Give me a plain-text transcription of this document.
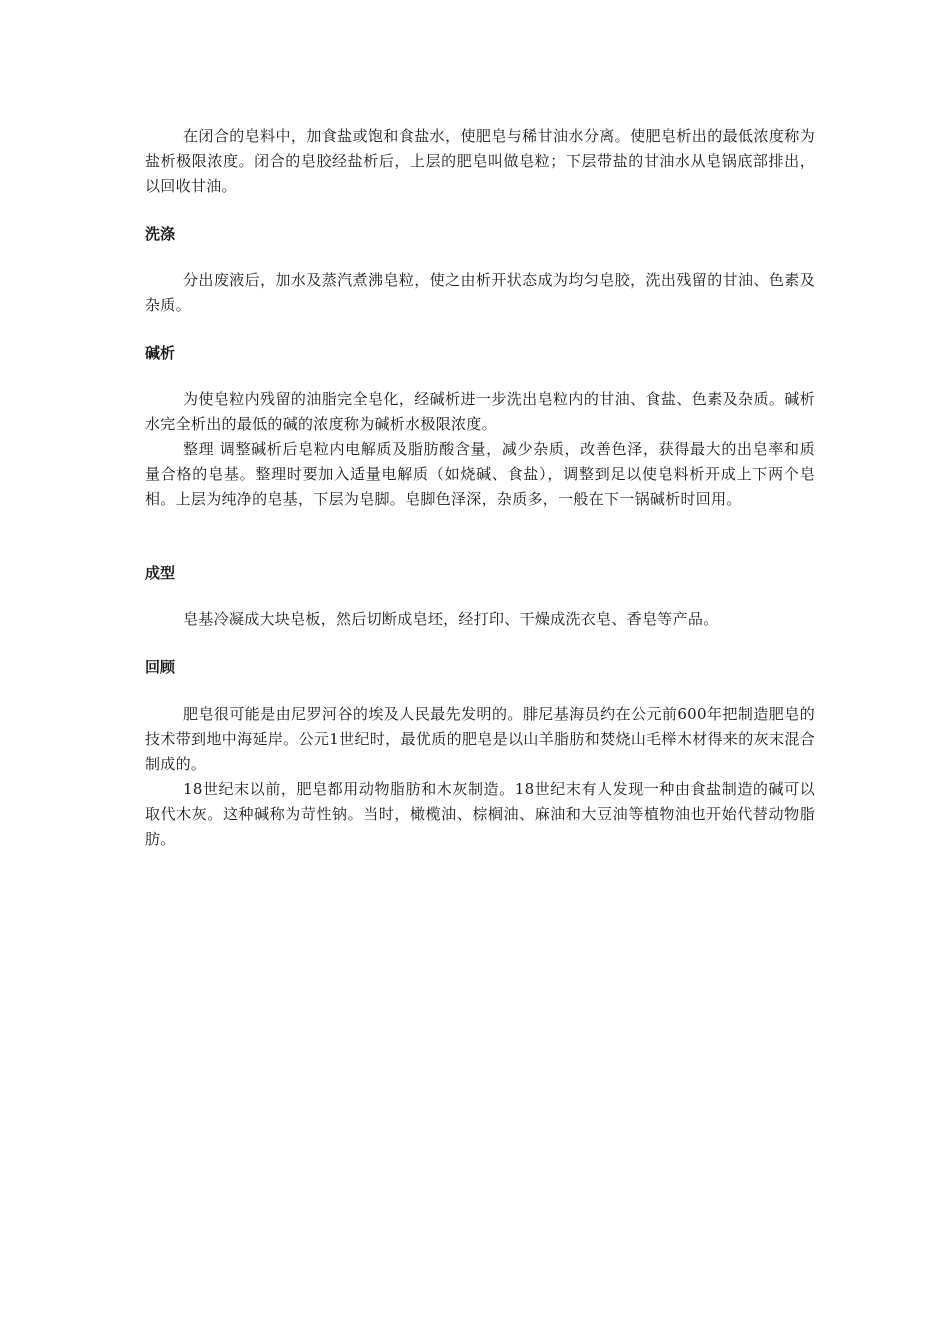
在闭合的皂料中，加食盐或饱和食盐水，使肥皂与稀甘油水分离。使肥皂析出的最低浓度称为盐析极限浓度。闭合的皂胶经盐析后，上层的肥皂叫做皂粒；下层带盐的甘油水从皂锅底部排出，以回收甘油。

洗涤

分出废液后，加水及蒸汽煮沸皂粒，使之由析开状态成为均匀皂胶，洗出残留的甘油、色素及杂质。

碱析

为使皂粒内残留的油脂完全皂化，经碱析进一步洗出皂粒内的甘油、食盐、色素及杂质。碱析水完全析出的最低的碱的浓度称为碱析水极限浓度。

整理 调整碱析后皂粒内电解质及脂肪酸含量，减少杂质，改善色泽，获得最大的出皂率和质量合格的皂基。整理时要加入适量电解质（如烧碱、食盐），调整到足以使皂料析开成上下两个皂相。上层为纯净的皂基，下层为皂脚。皂脚色泽深，杂质多，一般在下一锅碱析时回用。

成型

皂基冷凝成大块皂板，然后切断成皂坯，经打印、干燥成洗衣皂、香皂等产品。

回顾

肥皂很可能是由尼罗河谷的埃及人民最先发明的。腓尼基海员约在公元前600年把制造肥皂的技术带到地中海延岸。公元1世纪时，最优质的肥皂是以山羊脂肪和焚烧山毛榉木材得来的灰末混合制成的。

18世纪末以前，肥皂都用动物脂肪和木灰制造。18世纪末有人发现一种由食盐制造的碱可以取代木灰。这种碱称为苛性钠。当时，橄榄油、棕榈油、麻油和大豆油等植物油也开始代替动物脂肪。
